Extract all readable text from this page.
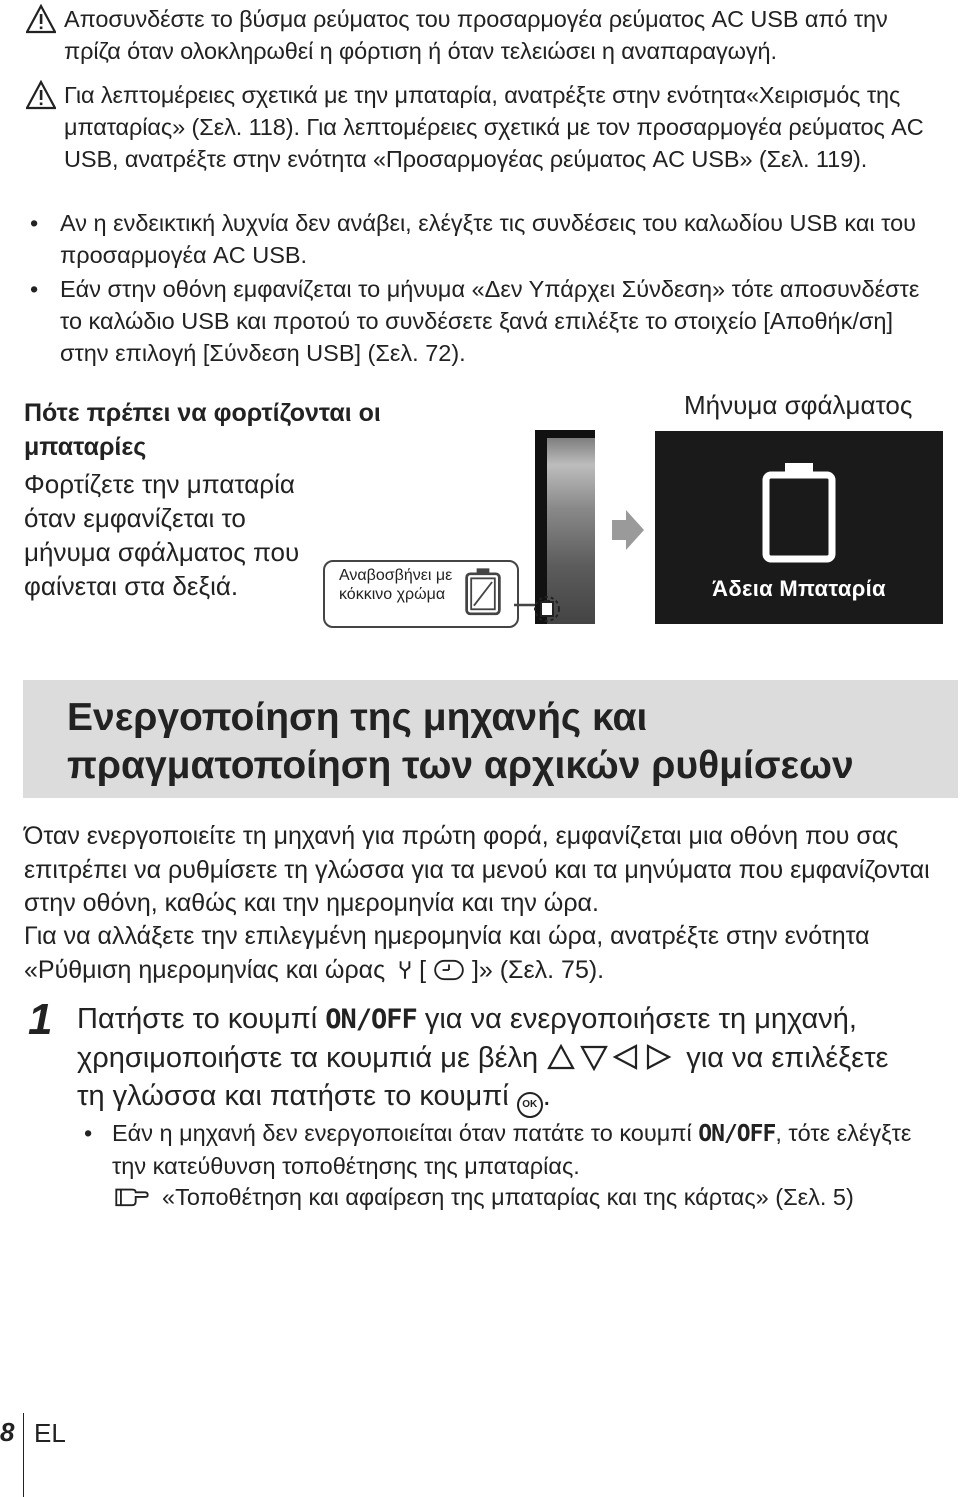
Αποσυνδέστε το βύσμα ρεύματος του προσαρμογέα ρεύματος AC USB από την πρίζα όταν ολοκληρωθεί η φόρτιση ή όταν τελειώσει η αναπαραγωγή.
Για λεπτομέρειες σχετικά με την μπαταρία, ανατρέξτε στην ενότητα«Χειρισμός της μπαταρίας» (Σελ. 118). Για λεπτομέρειες σχετικά με τον προσαρμογέα ρεύματος AC USB, ανατρέξτε στην ενότητα «Προσαρμογέας ρεύματος AC USB» (Σελ. 119).
• Αν η ενδεικτική λυχνία δεν ανάβει, ελέγξτε τις συνδέσεις του καλωδίου USB και του προσαρμογέα AC USB.
• Εάν στην οθόνη εμφανίζεται το μήνυμα «Δεν Υπάρχει Σύνδεση» τότε αποσυνδέστε το καλώδιο USB και προτού το συνδέσετε ξανά επιλέξτε το στοιχείο [Αποθήκ/ση] στην επιλογή [Σύνδεση USB] (Σελ. 72).
Πότε πρέπει να φορτίζονται οι μπαταρίες
Φορτίζετε την μπαταρία όταν εμφανίζεται το μήνυμα σφάλματος που φαίνεται στα δεξιά.	Αναβοσβήνει με κόκκινο χρώμα
Μήνυμα σφάλματος
Άδεια Μπαταρία
Ενεργοποίηση της μηχανής και
πραγματοποίηση των αρχικών ρυθμίσεων
Όταν ενεργοποιείτε τη μηχανή για πρώτη φορά, εμφανίζεται μια οθόνη που σας επιτρέπει να ρυθμίσετε τη γλώσσα για τα μενού και τα μηνύματα που εμφανίζονται στην οθόνη, καθώς και την ημερομηνία και την ώρα.
Για να αλλάξετε την επιλεγμένη ημερομηνία και ώρα, ανατρέξτε στην ενότητα «Ρύθμιση ημερομηνίας και ώρας  [ ]» (Σελ. 75).
1 Πατήστε το κουμπί ON/OFF για να ενεργοποιήσετε τη μηχανή,
χρησιμοποιήστε τα κουμπιά με βέλη	για να επιλέξετε
τη γλώσσα και πατήστε το κουμπί OK .
• Εάν η μηχανή δεν ενεργοποιείται όταν πατάτε το κουμπί ON/OFF, τότε ελέγξτε την κατεύθυνση τοποθέτησης της μπαταρίας.
«Τοποθέτηση και αφαίρεση της μπαταρίας και της κάρτας» (Σελ. 5)
8 EL
